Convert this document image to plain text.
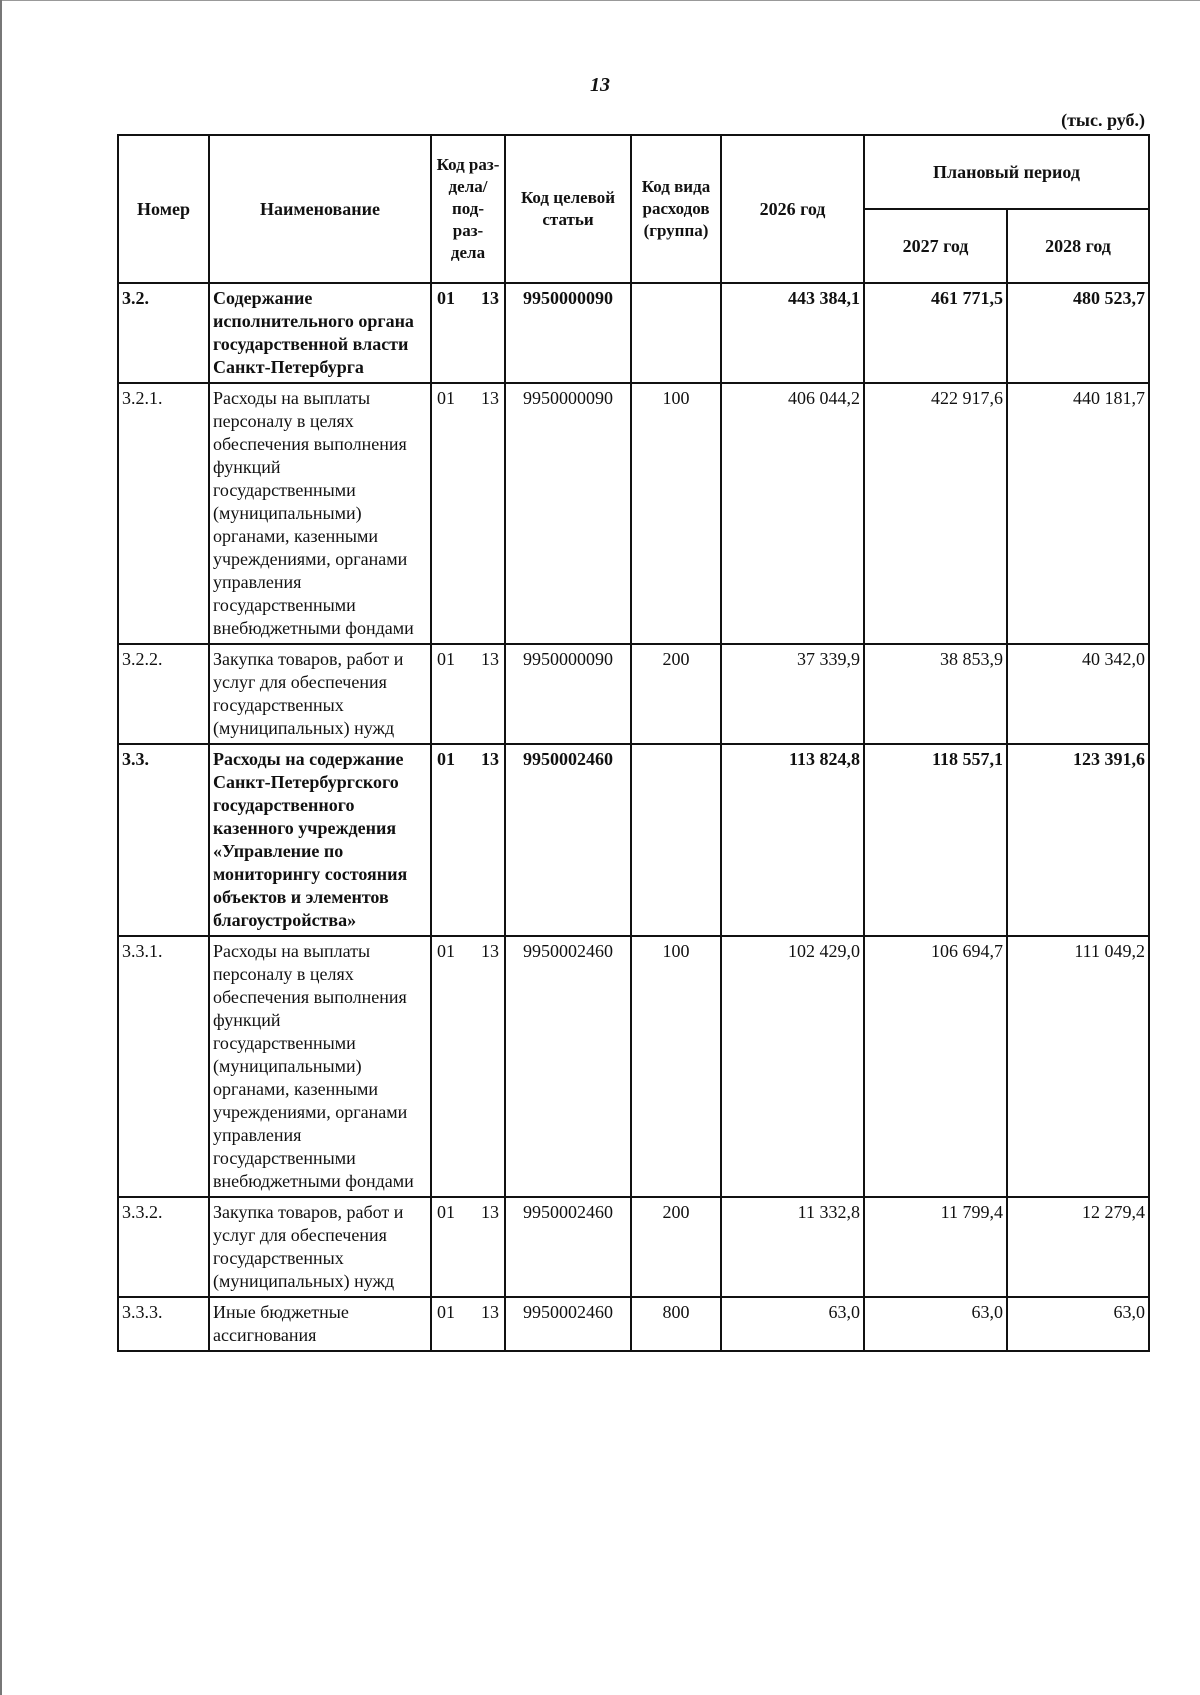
13
(тыс. руб.)
Номер	Наименование	Код раз- дела/ под- раз- дела	Код целевой статьи	Код вида расходов (группа)	2026 год	Плановый период	
						2027 год	2028 год
3.2.	Содержание исполнительного органа государственной власти Санкт-Петербурга	01 13	9950000090		443 384,1	461 771,5	480 523,7
3.2.1.	Расходы на выплаты персоналу в целях обеспечения выполнения функций государственными (муниципальными) органами, казенными учреждениями, органами управления государственными внебюджетными фондами	01 13	9950000090	100	406 044,2	422 917,6	440 181,7
3.2.2.	Закупка товаров, работ и услуг для обеспечения государственных (муниципальных) нужд	01 13	9950000090	200	37 339,9	38 853,9	40 342,0
3.3.	Расходы на содержание Санкт-Петербургского государственного казенного учреждения «Управление по мониторингу состояния объектов и элементов благоустройства»	01 13	9950002460		113 824,8	118 557,1	123 391,6
3.3.1.	Расходы на выплаты персоналу в целях обеспечения выполнения функций государственными (муниципальными) органами, казенными учреждениями, органами управления государственными внебюджетными фондами	01 13	9950002460	100	102 429,0	106 694,7	111 049,2
3.3.2.	Закупка товаров, работ и услуг для обеспечения государственных (муниципальных) нужд	01 13	9950002460	200	11 332,8	11 799,4	12 279,4
3.3.3.	Иные бюджетные ассигнования	01 13	9950002460	800	63,0	63,0	63,0
